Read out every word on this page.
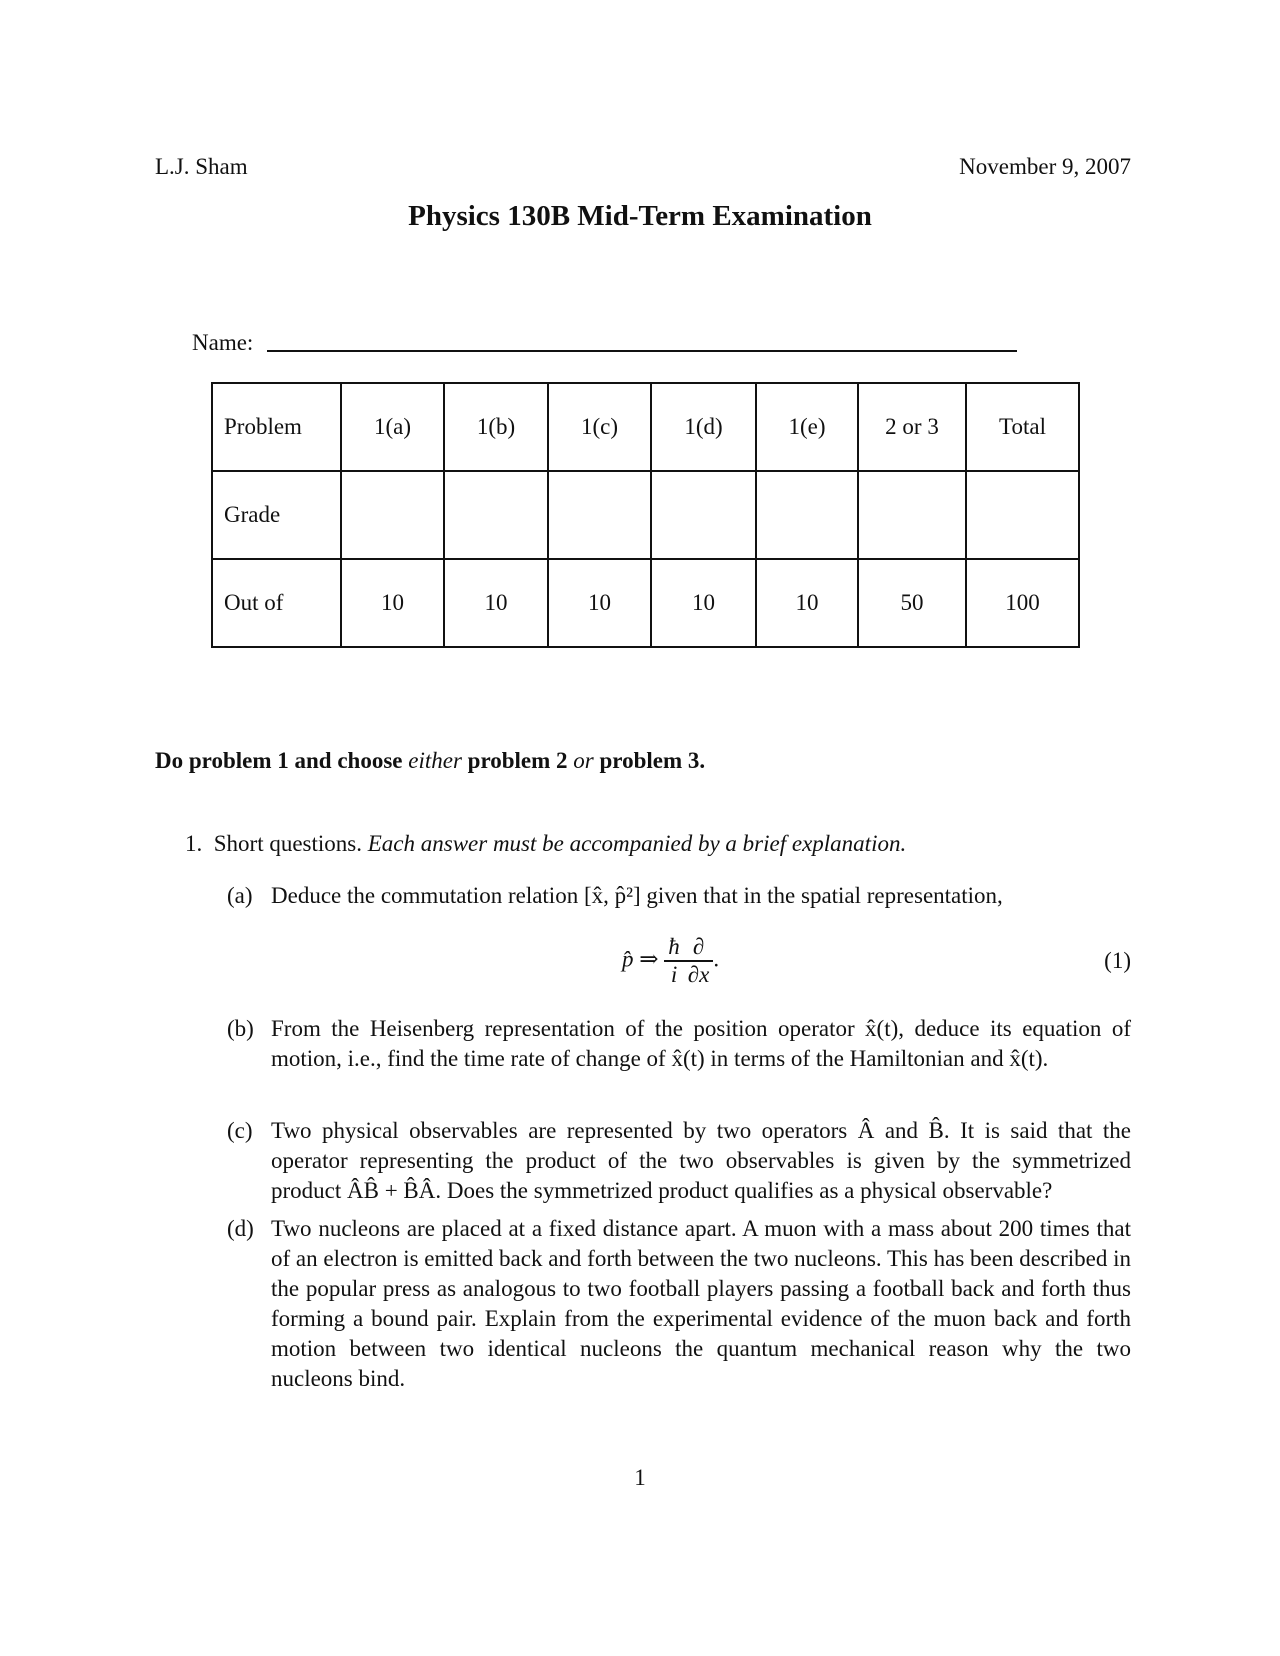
L.J. Sham	November 9, 2007
Physics 130B Mid-Term Examination
Name:
Problem	1(a)	1(b)	1(c)	1(d)	1(e)	2 or 3	Total
Grade							
Out of	10	10	10	10	10	50	100
Do problem 1 and choose either problem 2 or problem 3.
1. Short questions. Each answer must be accompanied by a brief explanation.
(a) Deduce the commutation relation [x̂, p̂²] given that in the spatial representation,
p̂ ⇒ $\frac{ħ}{i} \frac{\partial}{\partial x}$ .	(1)
(b) From the Heisenberg representation of the position operator x̂(t), deduce its equation of motion, i.e., find the time rate of change of x̂(t) in terms of the Hamiltonian and x̂(t).
(c) Two physical observables are represented by two operators Â and B̂. It is said that the operator representing the product of the two observables is given by the symmetrized product ÂB̂ + B̂Â. Does the symmetrized product qualifies as a physical observable?
(d) Two nucleons are placed at a fixed distance apart. A muon with a mass about 200 times that of an electron is emitted back and forth between the two nucleons. This has been described in the popular press as analogous to two football players passing a football back and forth thus forming a bound pair. Explain from the experimental evidence of the muon back and forth motion between two identical nucleons the quantum mechanical reason why the two nucleons bind.
1
